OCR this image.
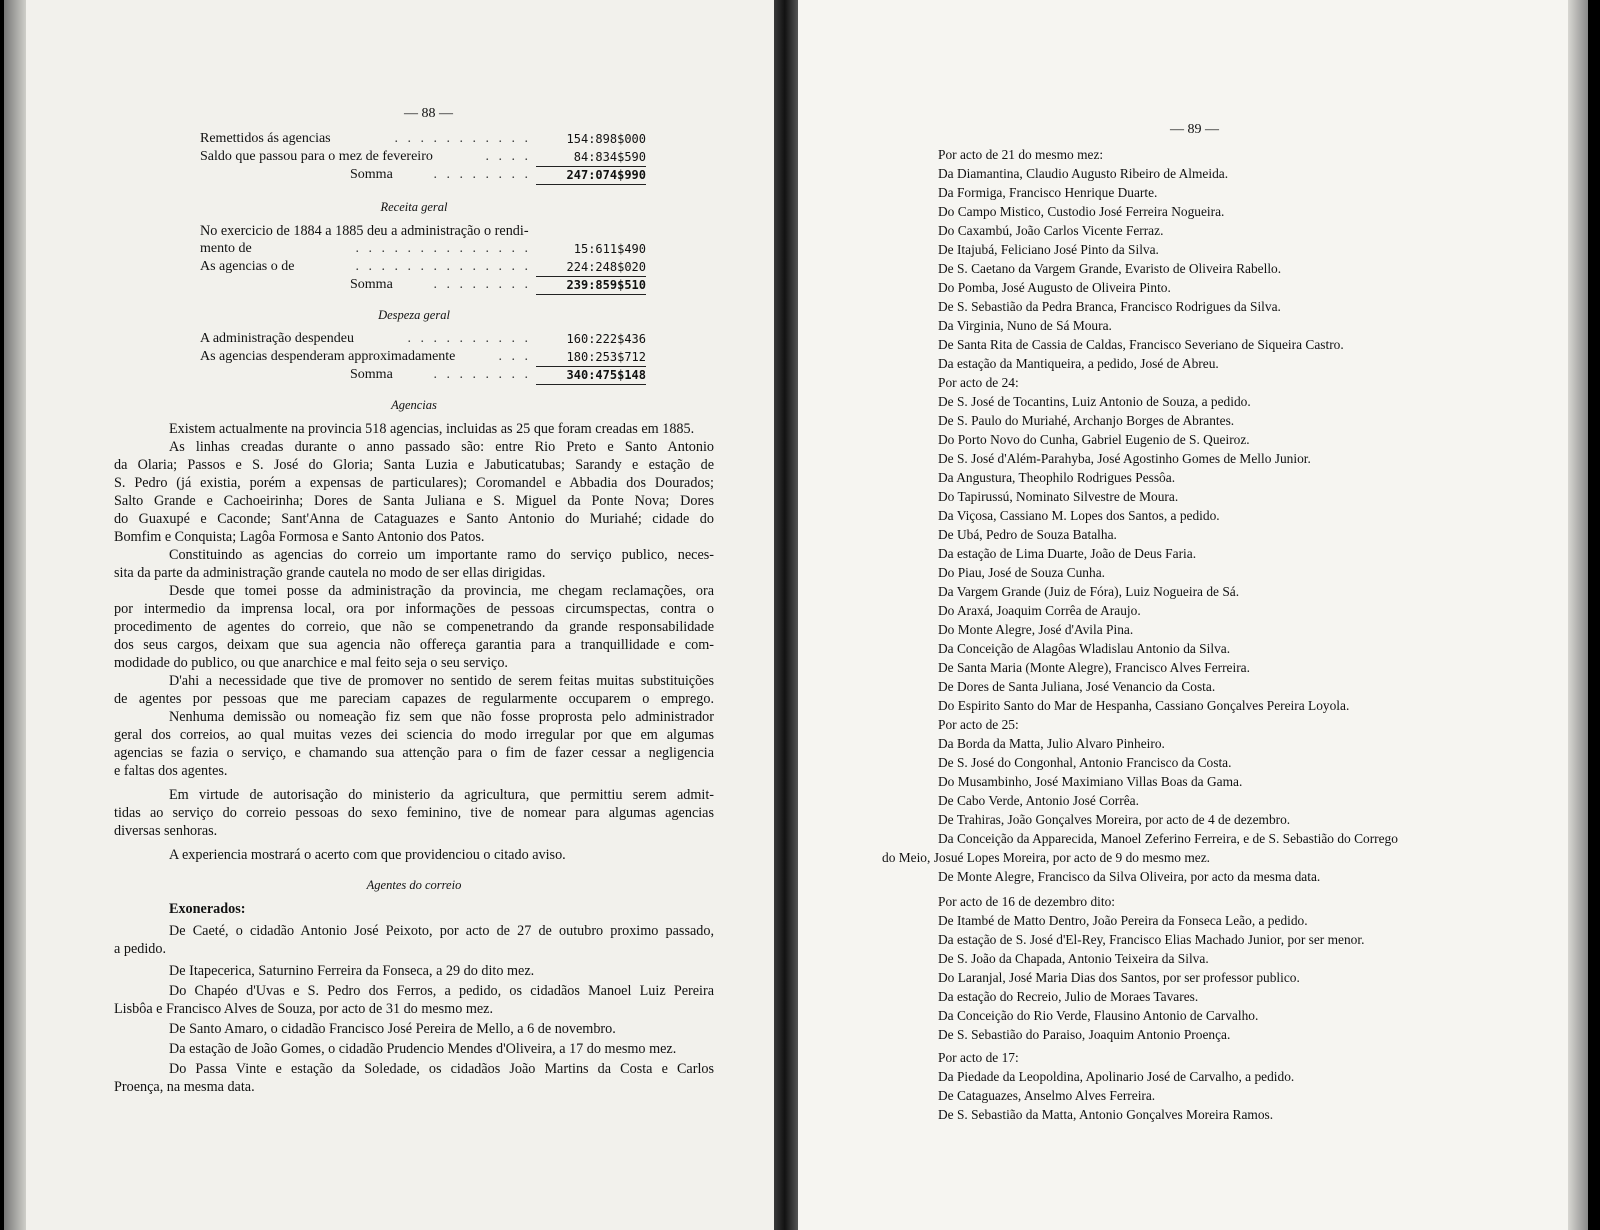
— 88 —
Remettidos ás agencias	. . . . . . . . . . .	154:898$000
Saldo que passou para o mez de fevereiro	. . . .	84:834$590
Somma	. . . . . . . .	247:074$990
Receita geral
No exercicio de 1884 a 1885 deu a administração o rendi-
mento de	. . . . . . . . . . . . . .	15:611$490
As agencias o de	. . . . . . . . . . . . . .	224:248$020
Somma	. . . . . . . .	239:859$510
Despeza geral
A administração despendeu	. . . . . . . . . .	160:222$436
As agencias despenderam approximadamente	. . .	180:253$712
Somma	. . . . . . . .	340:475$148
Agencias
Existem actualmente na provincia 518 agencias, incluidas as 25 que foram creadas em 1885.
As linhas creadas durante o anno passado são: entre Rio Preto e Santo Antonio
da Olaria; Passos e S. José do Gloria; Santa Luzia e Jabuticatubas; Sarandy e estação de
S. Pedro (já existia, porém a expensas de particulares); Coromandel e Abbadia dos Dourados;
Salto Grande e Cachoeirinha; Dores de Santa Juliana e S. Miguel da Ponte Nova; Dores
do Guaxupé e Caconde; Sant'Anna de Cataguazes e Santo Antonio do Muriahé; cidade do
Bomfim e Conquista; Lagôa Formosa e Santo Antonio dos Patos.
Constituindo as agencias do correio um importante ramo do serviço publico, neces-
sita da parte da administração grande cautela no modo de ser ellas dirigidas.
Desde que tomei posse da administração da provincia, me chegam reclamações, ora
por intermedio da imprensa local, ora por informações de pessoas circumspectas, contra o
procedimento de agentes do correio, que não se compenetrando da grande responsabilidade
dos seus cargos, deixam que sua agencia não offereça garantia para a tranquillidade e com-
modidade do publico, ou que anarchice e mal feito seja o seu serviço.
D'ahi a necessidade que tive de promover no sentido de serem feitas muitas substituições
de agentes por pessoas que me pareciam capazes de regularmente occuparem o emprego.
Nenhuma demissão ou nomeação fiz sem que não fosse proprosta pelo administrador
geral dos correios, ao qual muitas vezes dei sciencia do modo irregular por que em algumas
agencias se fazia o serviço, e chamando sua attenção para o fim de fazer cessar a negligencia
e faltas dos agentes.
Em virtude de autorisação do ministerio da agricultura, que permittiu serem admit-
tidas ao serviço do correio pessoas do sexo feminino, tive de nomear para algumas agencias
diversas senhoras.
A experiencia mostrará o acerto com que providenciou o citado aviso.
Agentes do correio
Exonerados:
De Caeté, o cidadão Antonio José Peixoto, por acto de 27 de outubro proximo passado,
a pedido.
De Itapecerica, Saturnino Ferreira da Fonseca, a 29 do dito mez.
Do Chapéo d'Uvas e S. Pedro dos Ferros, a pedido, os cidadãos Manoel Luiz Pereira
Lisbôa e Francisco Alves de Souza, por acto de 31 do mesmo mez.
De Santo Amaro, o cidadão Francisco José Pereira de Mello, a 6 de novembro.
Da estação de João Gomes, o cidadão Prudencio Mendes d'Oliveira, a 17 do mesmo mez.
Do Passa Vinte e estação da Soledade, os cidadãos João Martins da Costa e Carlos
Proença, na mesma data.
— 89 —
Por acto de 21 do mesmo mez:
Da Diamantina, Claudio Augusto Ribeiro de Almeida.
Da Formiga, Francisco Henrique Duarte.
Do Campo Mistico, Custodio José Ferreira Nogueira.
Do Caxambú, João Carlos Vicente Ferraz.
De Itajubá, Feliciano José Pinto da Silva.
De S. Caetano da Vargem Grande, Evaristo de Oliveira Rabello.
Do Pomba, José Augusto de Oliveira Pinto.
De S. Sebastião da Pedra Branca, Francisco Rodrigues da Silva.
Da Virginia, Nuno de Sá Moura.
De Santa Rita de Cassia de Caldas, Francisco Severiano de Siqueira Castro.
Da estação da Mantiqueira, a pedido, José de Abreu.
Por acto de 24:
De S. José de Tocantins, Luiz Antonio de Souza, a pedido.
De S. Paulo do Muriahé, Archanjo Borges de Abrantes.
Do Porto Novo do Cunha, Gabriel Eugenio de S. Queiroz.
De S. José d'Além-Parahyba, José Agostinho Gomes de Mello Junior.
Da Angustura, Theophilo Rodrigues Pessôa.
Do Tapirussú, Nominato Silvestre de Moura.
Da Viçosa, Cassiano M. Lopes dos Santos, a pedido.
De Ubá, Pedro de Souza Batalha.
Da estação de Lima Duarte, João de Deus Faria.
Do Piau, José de Souza Cunha.
Da Vargem Grande (Juiz de Fóra), Luiz Nogueira de Sá.
Do Araxá, Joaquim Corrêa de Araujo.
Do Monte Alegre, José d'Avila Pina.
Da Conceição de Alagôas Wladislau Antonio da Silva.
De Santa Maria (Monte Alegre), Francisco Alves Ferreira.
De Dores de Santa Juliana, José Venancio da Costa.
Do Espirito Santo do Mar de Hespanha, Cassiano Gonçalves Pereira Loyola.
Por acto de 25:
Da Borda da Matta, Julio Alvaro Pinheiro.
De S. José do Congonhal, Antonio Francisco da Costa.
Do Musambinho, José Maximiano Villas Boas da Gama.
De Cabo Verde, Antonio José Corrêa.
De Trahiras, João Gonçalves Moreira, por acto de 4 de dezembro.
Da Conceição da Apparecida, Manoel Zeferino Ferreira, e de S. Sebastião do Corrego
do Meio, Josué Lopes Moreira, por acto de 9 do mesmo mez.
De Monte Alegre, Francisco da Silva Oliveira, por acto da mesma data.
Por acto de 16 de dezembro dito:
De Itambé de Matto Dentro, João Pereira da Fonseca Leão, a pedido.
Da estação de S. José d'El-Rey, Francisco Elias Machado Junior, por ser menor.
De S. João da Chapada, Antonio Teixeira da Silva.
Do Laranjal, José Maria Dias dos Santos, por ser professor publico.
Da estação do Recreio, Julio de Moraes Tavares.
Da Conceição do Rio Verde, Flausino Antonio de Carvalho.
De S. Sebastião do Paraiso, Joaquim Antonio Proença.
Por acto de 17:
Da Piedade da Leopoldina, Apolinario José de Carvalho, a pedido.
De Cataguazes, Anselmo Alves Ferreira.
De S. Sebastião da Matta, Antonio Gonçalves Moreira Ramos.
